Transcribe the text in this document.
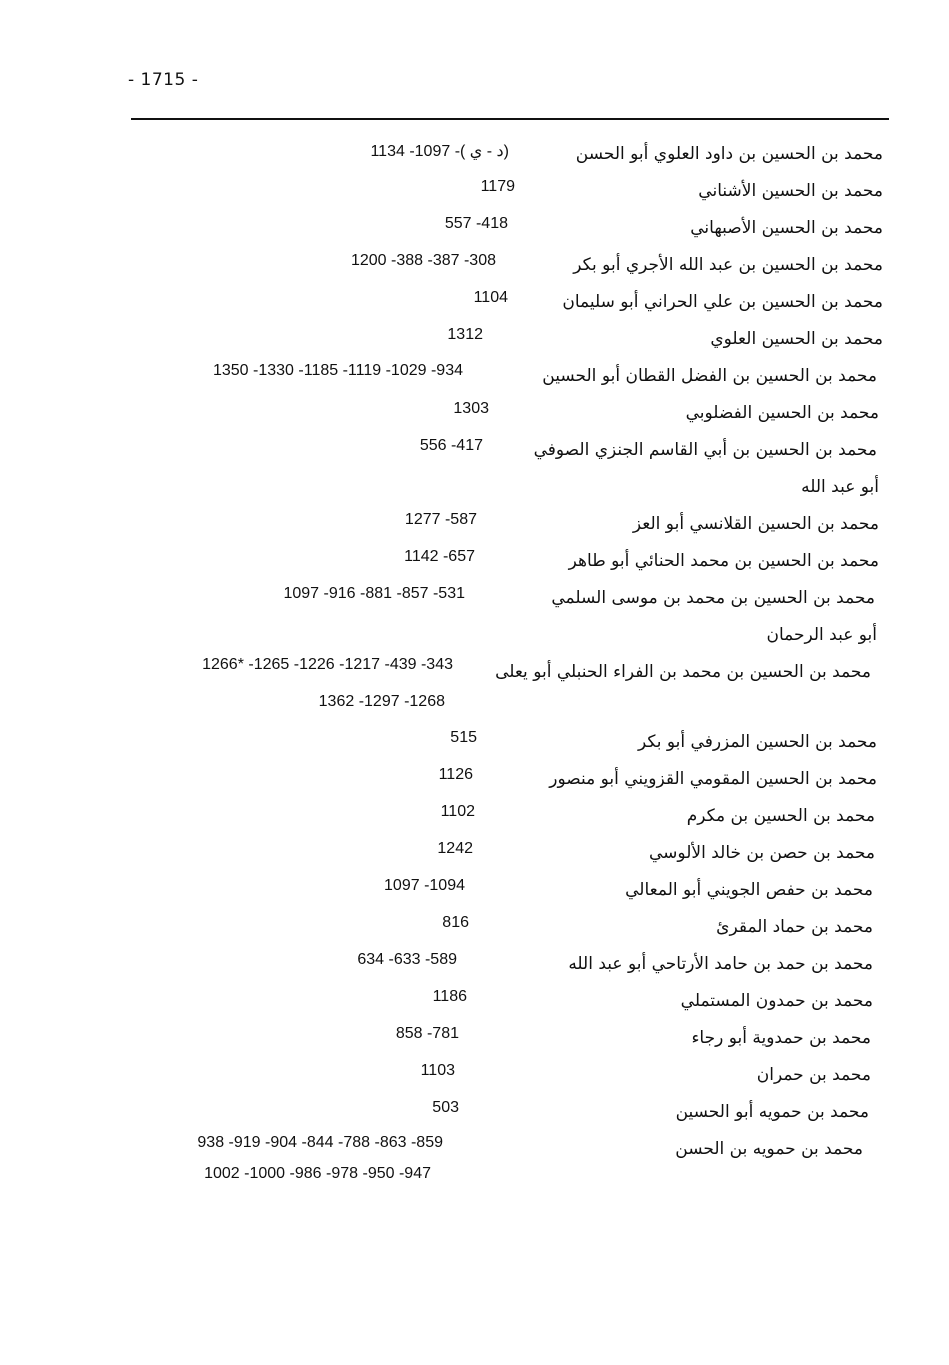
- 1715 -
محمد بن الحسين بن داود العلوي أبو الحسن
(د - ي )- 1097- 1134
محمد بن الحسين الأشناني
1179
محمد بن الحسين الأصبهاني
418- 557
محمد بن الحسين بن عبد الله الأجري أبو بكر
308- 387- 388- 1200
محمد بن الحسين بن علي الحراني أبو سليمان
1104
محمد بن الحسين العلوي
1312
محمد بن الحسين بن الفضل القطان أبو الحسين
934- 1029- 1119- 1185- 1330- 1350
محمد بن الحسين الفضلوبي
1303
محمد بن الحسين بن أبي القاسم الجنزي الصوفي
417- 556
أبو عبد الله
محمد بن الحسين القلانسي أبو العز
587- 1277
محمد بن الحسين بن محمد الحنائي أبو طاهر
657- 1142
محمد بن الحسين بن محمد بن موسى السلمي
531- 857- 881- 916- 1097
أبو عبد الرحمان
محمد بن الحسين بن محمد بن الفراء الحنبلي أبو يعلى
343- 439- 1217- 1226- 1265- *1266
1268- 1297- 1362
محمد بن الحسين المزرفي أبو بكر
515
محمد بن الحسين المقومي القزويني أبو منصور
1126
محمد بن الحسين بن مكرم
1102
محمد بن حصن بن خالد الألوسي
1242
محمد بن حفص الجويني أبو المعالي
1094- 1097
محمد بن حماد المقرئ
816
محمد بن حمد بن حامد الأرتاحي أبو عبد الله
589- 633- 634
محمد بن حمدون المستملي
1186
محمد بن حمدوية أبو رجاء
781- 858
محمد بن حمران
1103
محمد بن حمويه أبو الحسين
503
محمد بن حمويه بن الحسن
859- 863- 788- 844- 904- 919- 938
947- 950- 978- 986- 1000- 1002
